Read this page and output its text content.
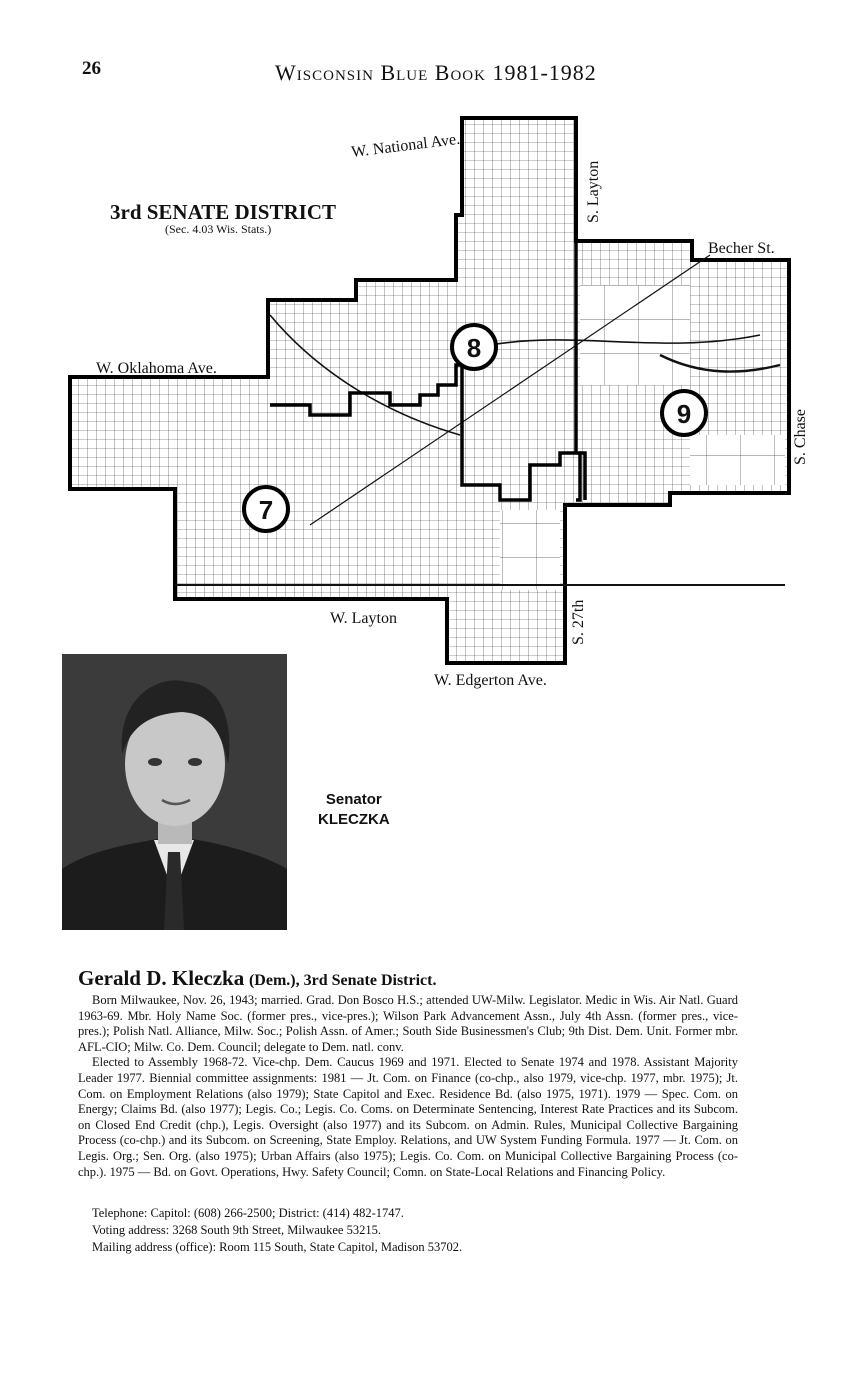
26	Wisconsin Blue Book 1981-1982
3rd SENATE DISTRICT
(Sec. 4.03 Wis. Stats.)
7
8
9
W. National Ave.
S. Layton
Becher St.
W. Oklahoma Ave.
S. Chase
W. Layton	S. 27th
W. Edgerton Ave.
Senator
KLECZKA
Gerald D. Kleczka (Dem.), 3rd Senate District.

Born Milwaukee, Nov. 26, 1943; married. Grad. Don Bosco H.S.; attended UW-Milw. Legislator. Medic in Wis. Air Natl. Guard 1963-69. Mbr. Holy Name Soc. (former pres., vice-pres.); Wilson Park Advancement Assn., July 4th Assn. (former pres., vice-pres.); Polish Natl. Alliance, Milw. Soc.; Polish Assn. of Amer.; South Side Businessmen's Club; 9th Dist. Dem. Unit. Former mbr. AFL-CIO; Milw. Co. Dem. Council; delegate to Dem. natl. conv.

Elected to Assembly 1968-72. Vice-chp. Dem. Caucus 1969 and 1971. Elected to Senate 1974 and 1978. Assistant Majority Leader 1977. Biennial committee assignments: 1981 — Jt. Com. on Finance (co-chp., also 1979, vice-chp. 1977, mbr. 1975); Jt. Com. on Employment Relations (also 1979); State Capitol and Exec. Residence Bd. (also 1975, 1971). 1979 — Spec. Com. on Energy; Claims Bd. (also 1977); Legis. Co.; Legis. Co. Coms. on Determinate Sentencing, Interest Rate Practices and its Subcom. on Closed End Credit (chp.), Legis. Oversight (also 1977) and its Subcom. on Admin. Rules, Municipal Collective Bargaining Process (co-chp.) and its Subcom. on Screening, State Employ. Relations, and UW System Funding Formula. 1977 — Jt. Com. on Legis. Org.; Sen. Org. (also 1975); Urban Affairs (also 1975); Legis. Co. Com. on Municipal Collective Bargaining Process (co-chp.). 1975 — Bd. on Govt. Operations, Hwy. Safety Council; Comn. on State-Local Relations and Financing Policy.

Telephone: Capitol: (608) 266-2500; District: (414) 482-1747.
Voting address: 3268 South 9th Street, Milwaukee 53215.
Mailing address (office): Room 115 South, State Capitol, Madison 53702.
